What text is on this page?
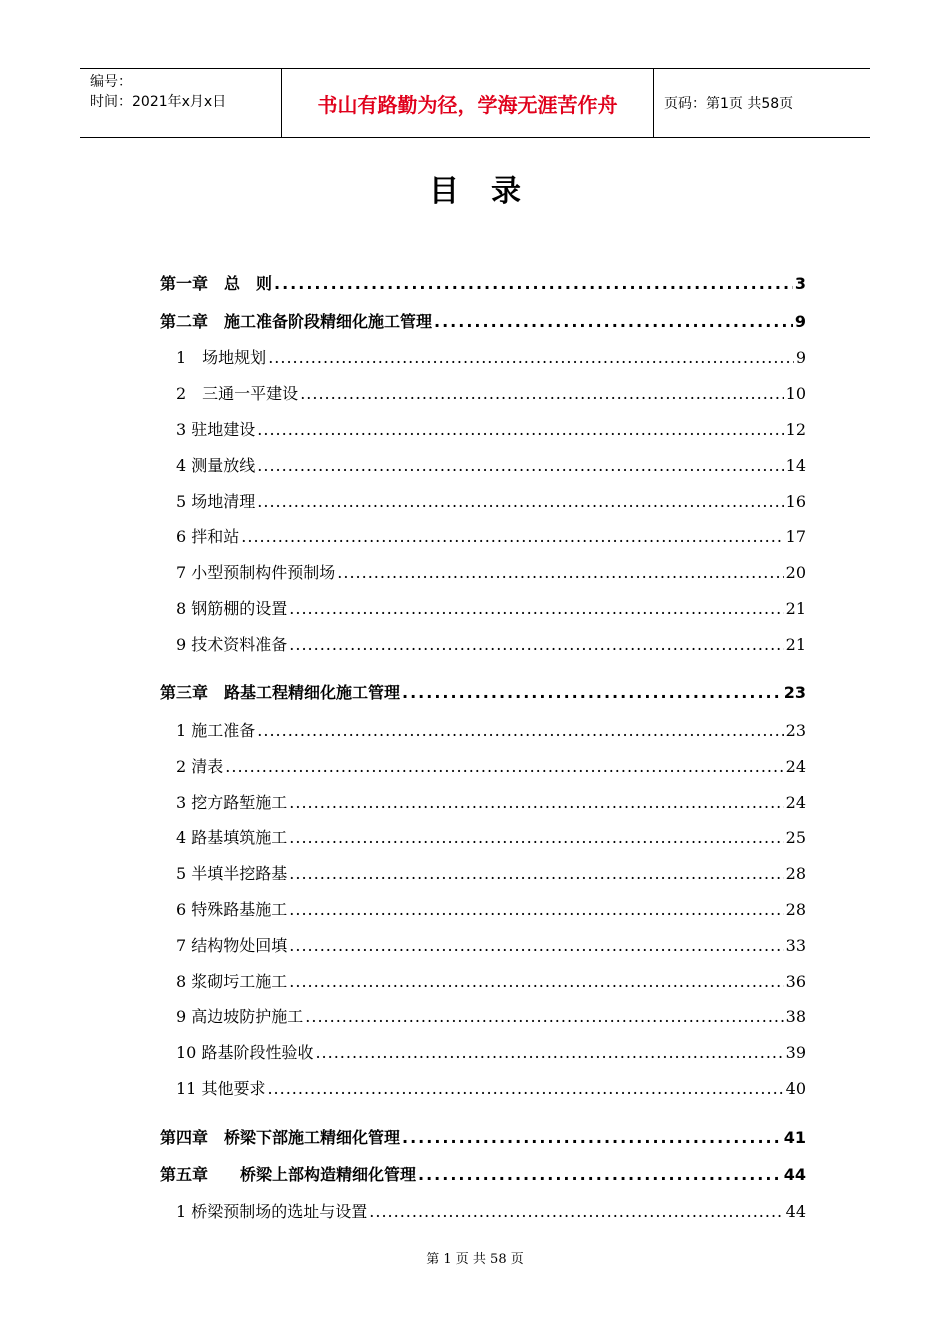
编号：
时间：2021年x月x日	书山有路勤为径，学海无涯苦作舟	页码：第1页 共58页
目录
第一章　总　则 .....	3
第二章　施工准备阶段精细化施工管理 .....	9
1　场地规划 .....	9
2　三通一平建设 .....	10
3 驻地建设 .....	12
4 测量放线 .....	14
5 场地清理 .....	16
6 拌和站 .....	17
7 小型预制构件预制场 .....	20
8 钢筋棚的设置 .....	21
9 技术资料准备 .....	21
第三章　路基工程精细化施工管理 .....	23
1 施工准备 .....	23
2 清表 .....	24
3 挖方路堑施工 .....	24
4 路基填筑施工 .....	25
5 半填半挖路基 .....	28
6 特殊路基施工 .....	28
7 结构物处回填 .....	33
8 浆砌圬工施工 .....	36
9 高边坡防护施工 .....	38
10 路基阶段性验收 .....	39
11 其他要求 .....	40
第四章　桥梁下部施工精细化管理 .....	41
第五章　　桥梁上部构造精细化管理 .....	44
1 桥梁预制场的选址与设置 .....	44
第 1 页 共 58 页
